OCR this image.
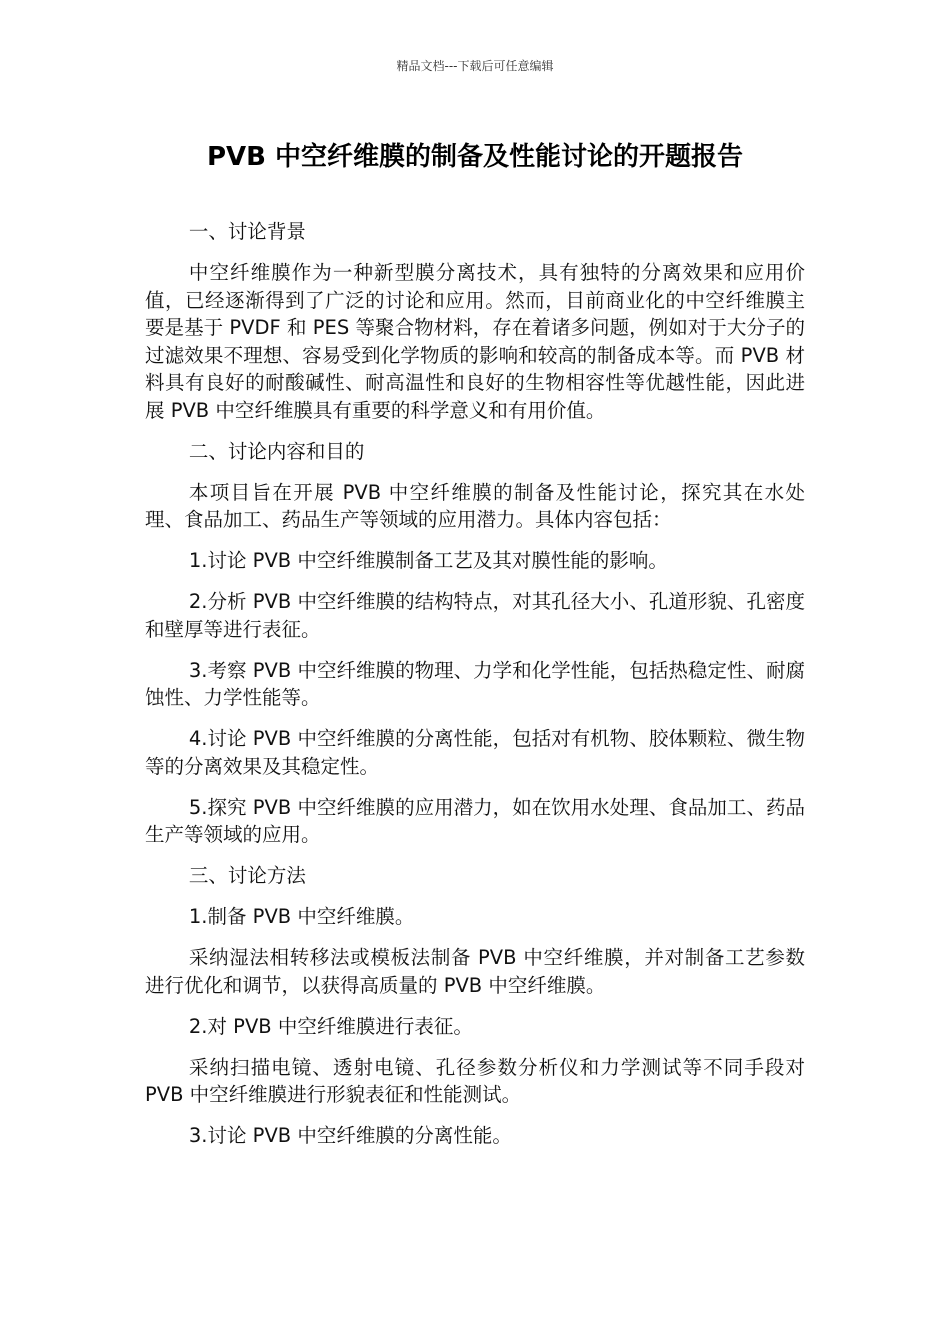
精品文档---下载后可任意编辑
PVB 中空纤维膜的制备及性能讨论的开题报告

一、讨论背景

中空纤维膜作为一种新型膜分离技术，具有独特的分离效果和应用价值，已经逐渐得到了广泛的讨论和应用。然而，目前商业化的中空纤维膜主要是基于 PVDF 和 PES 等聚合物材料，存在着诸多问题，例如对于大分子的过滤效果不理想、容易受到化学物质的影响和较高的制备成本等。而 PVB 材料具有良好的耐酸碱性、耐高温性和良好的生物相容性等优越性能，因此进展 PVB 中空纤维膜具有重要的科学意义和有用价值。

二、讨论内容和目的

本项目旨在开展 PVB 中空纤维膜的制备及性能讨论，探究其在水处理、食品加工、药品生产等领域的应用潜力。具体内容包括：

1.讨论 PVB 中空纤维膜制备工艺及其对膜性能的影响。

2.分析 PVB 中空纤维膜的结构特点，对其孔径大小、孔道形貌、孔密度和壁厚等进行表征。

3.考察 PVB 中空纤维膜的物理、力学和化学性能，包括热稳定性、耐腐蚀性、力学性能等。

4.讨论 PVB 中空纤维膜的分离性能，包括对有机物、胶体颗粒、微生物等的分离效果及其稳定性。

5.探究 PVB 中空纤维膜的应用潜力，如在饮用水处理、食品加工、药品生产等领域的应用。

三、讨论方法

1.制备 PVB 中空纤维膜。

采纳湿法相转移法或模板法制备 PVB 中空纤维膜，并对制备工艺参数进行优化和调节，以获得高质量的 PVB 中空纤维膜。

2.对 PVB 中空纤维膜进行表征。

采纳扫描电镜、透射电镜、孔径参数分析仪和力学测试等不同手段对 PVB 中空纤维膜进行形貌表征和性能测试。

3.讨论 PVB 中空纤维膜的分离性能。
